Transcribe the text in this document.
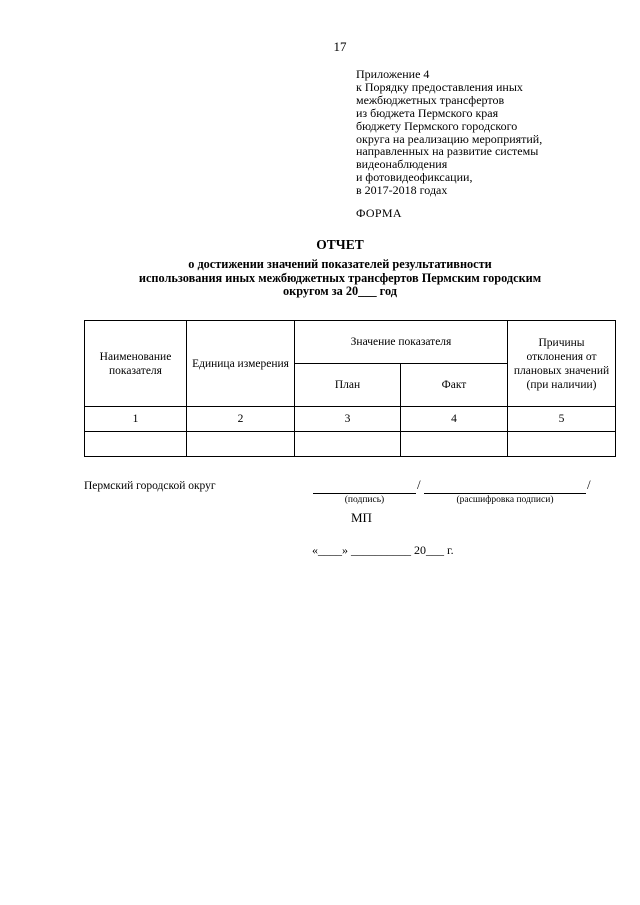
17
Приложение 4
к Порядку предоставления иных
межбюджетных трансфертов
из бюджета Пермского края
бюджету Пермского городского
округа на реализацию мероприятий,
направленных на развитие системы
видеонаблюдения
и фотовидеофиксации,
в 2017-2018 годах
ФОРМА
ОТЧЕТ
о достижении значений показателей результативности
использования иных межбюджетных трансфертов Пермским городским
округом за 20___ год
Наименование показателя	Единица измерения	Значение показателя		Причины отклонения от плановых значений (при наличии)
		План	Факт	
1	2	3	4	5

Пермский городской округ	/	/
(подпись)	(расшифровка подписи)
МП
«____» __________ 20___ г.
